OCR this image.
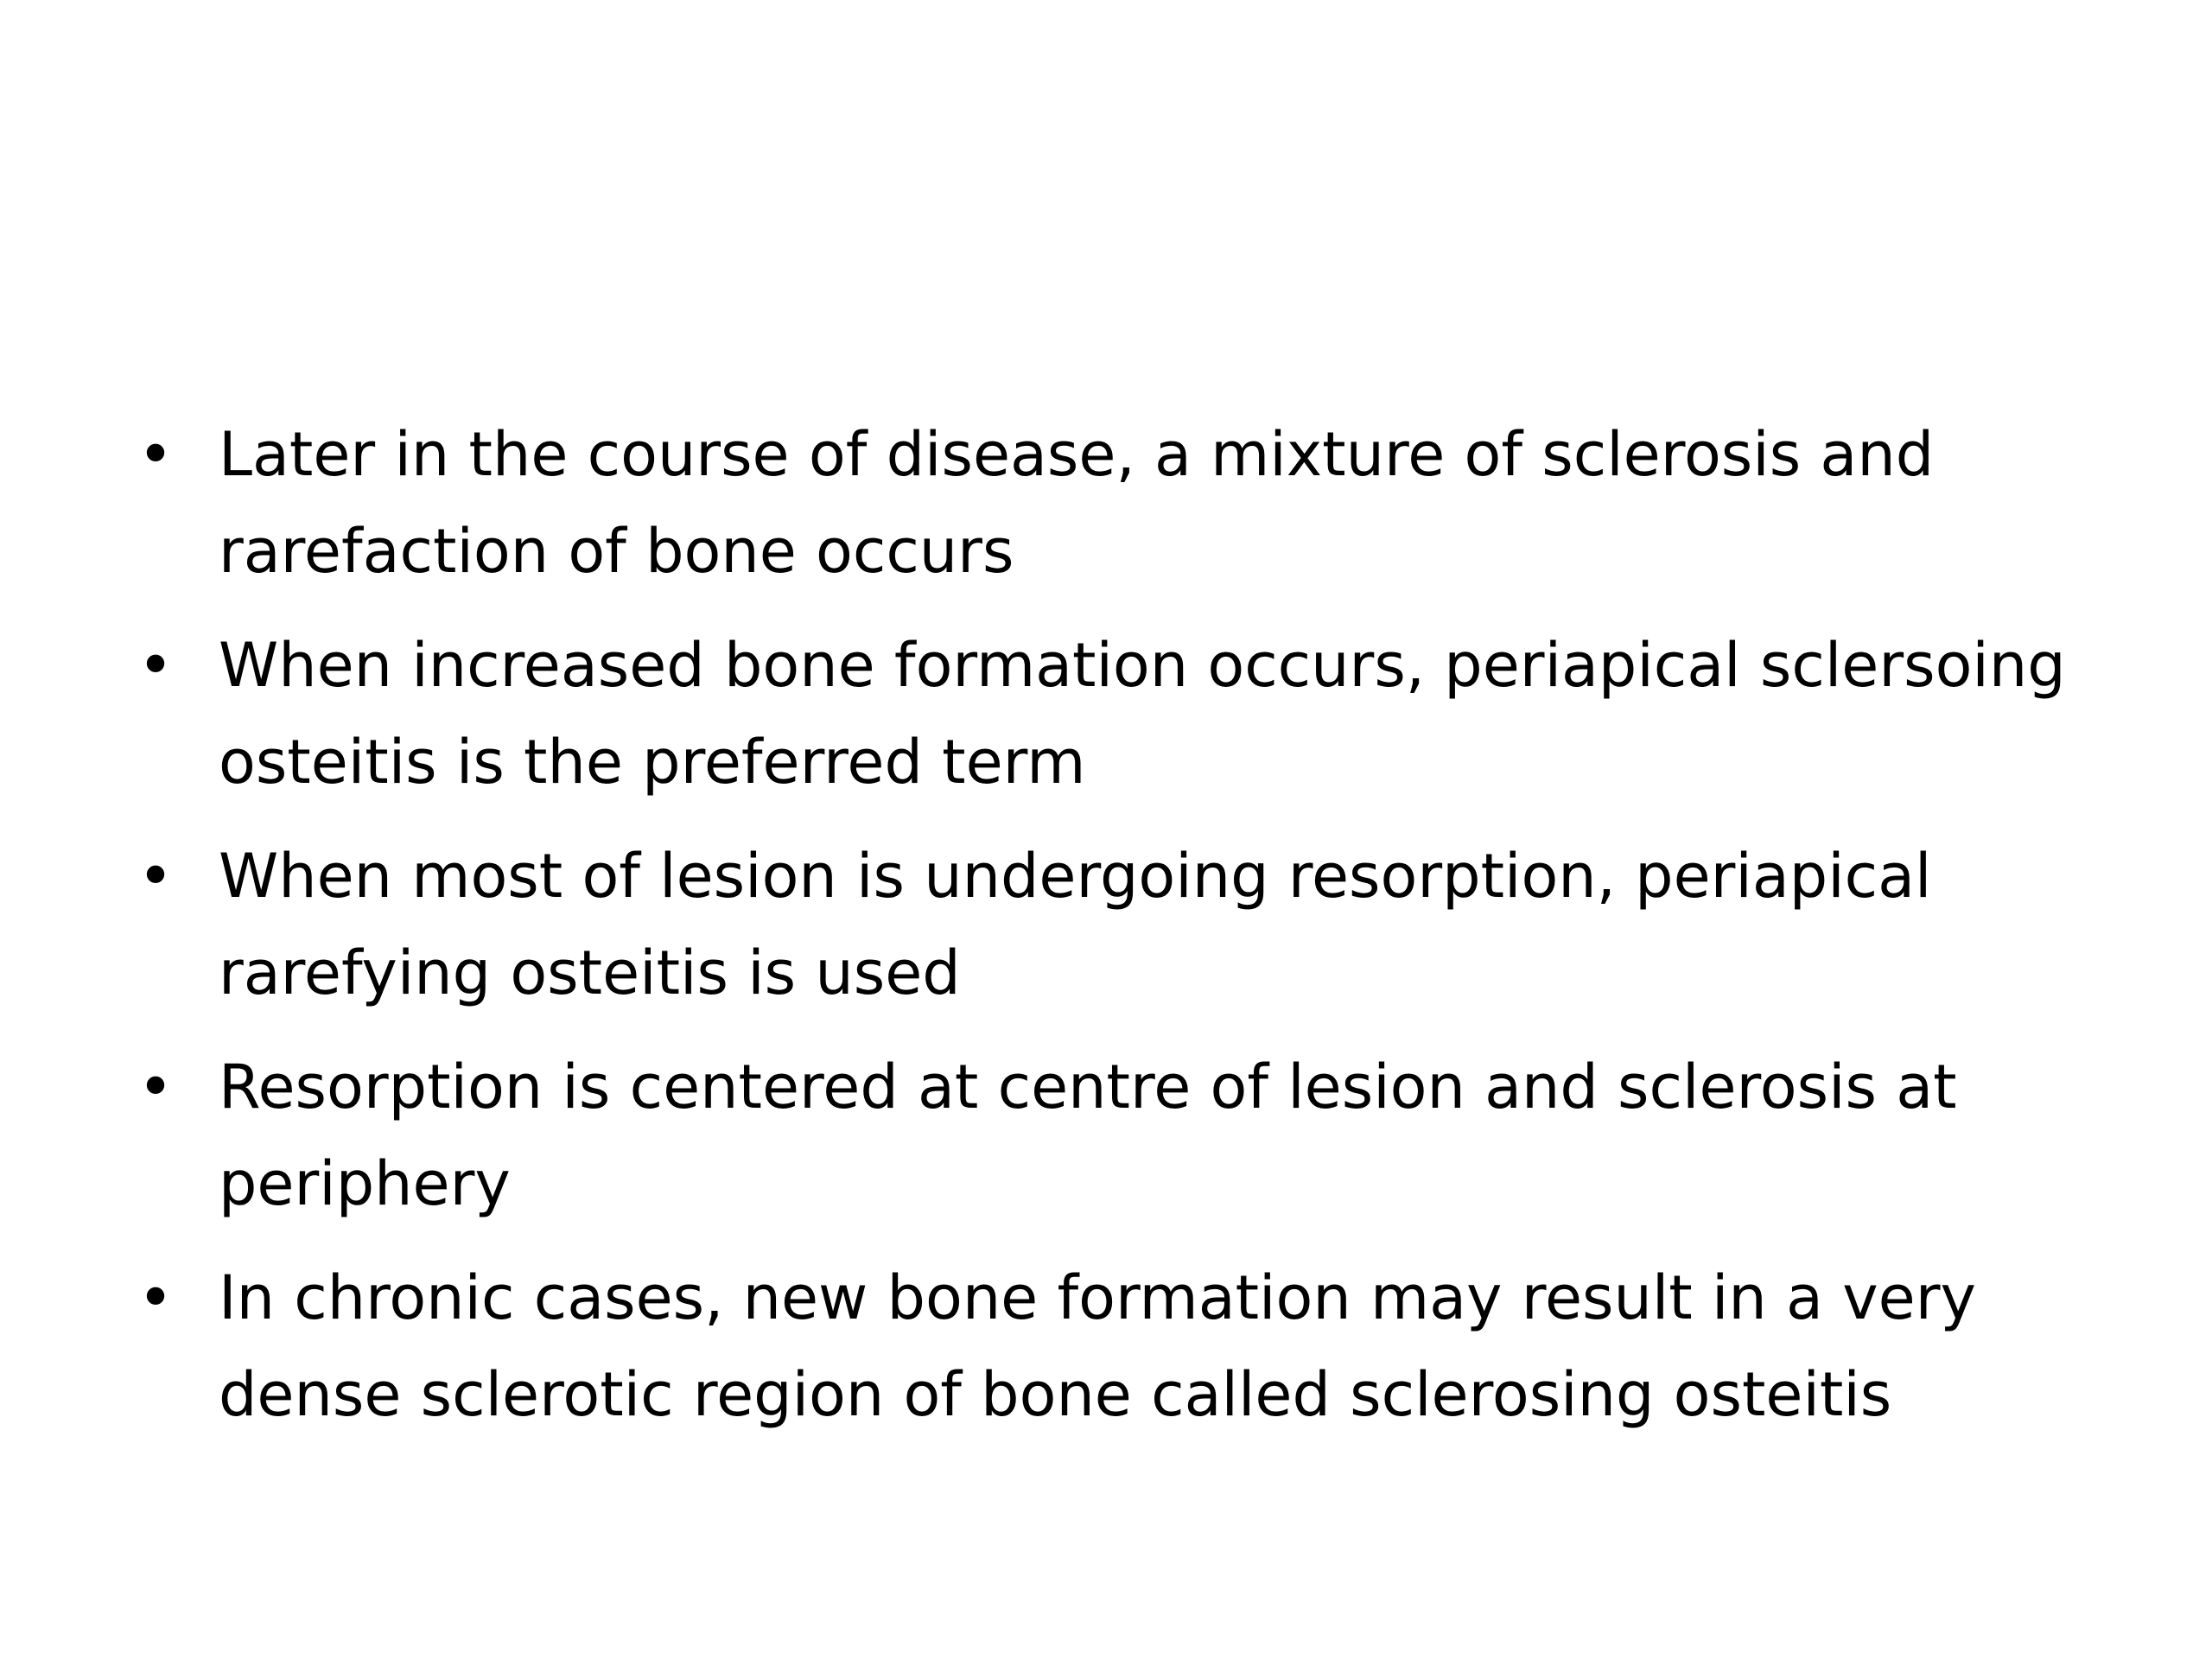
• Later in the course of disease, a mixture of sclerosis and rarefaction of bone occurs
• When increased bone formation occurs, periapical sclersoing osteitis is the preferred term
• When most of lesion is undergoing resorption, periapical rarefying osteitis is used
• Resorption is centered at centre of lesion and sclerosis at periphery
• In chronic cases, new bone formation may result in a very dense sclerotic region of bone called sclerosing osteitis
